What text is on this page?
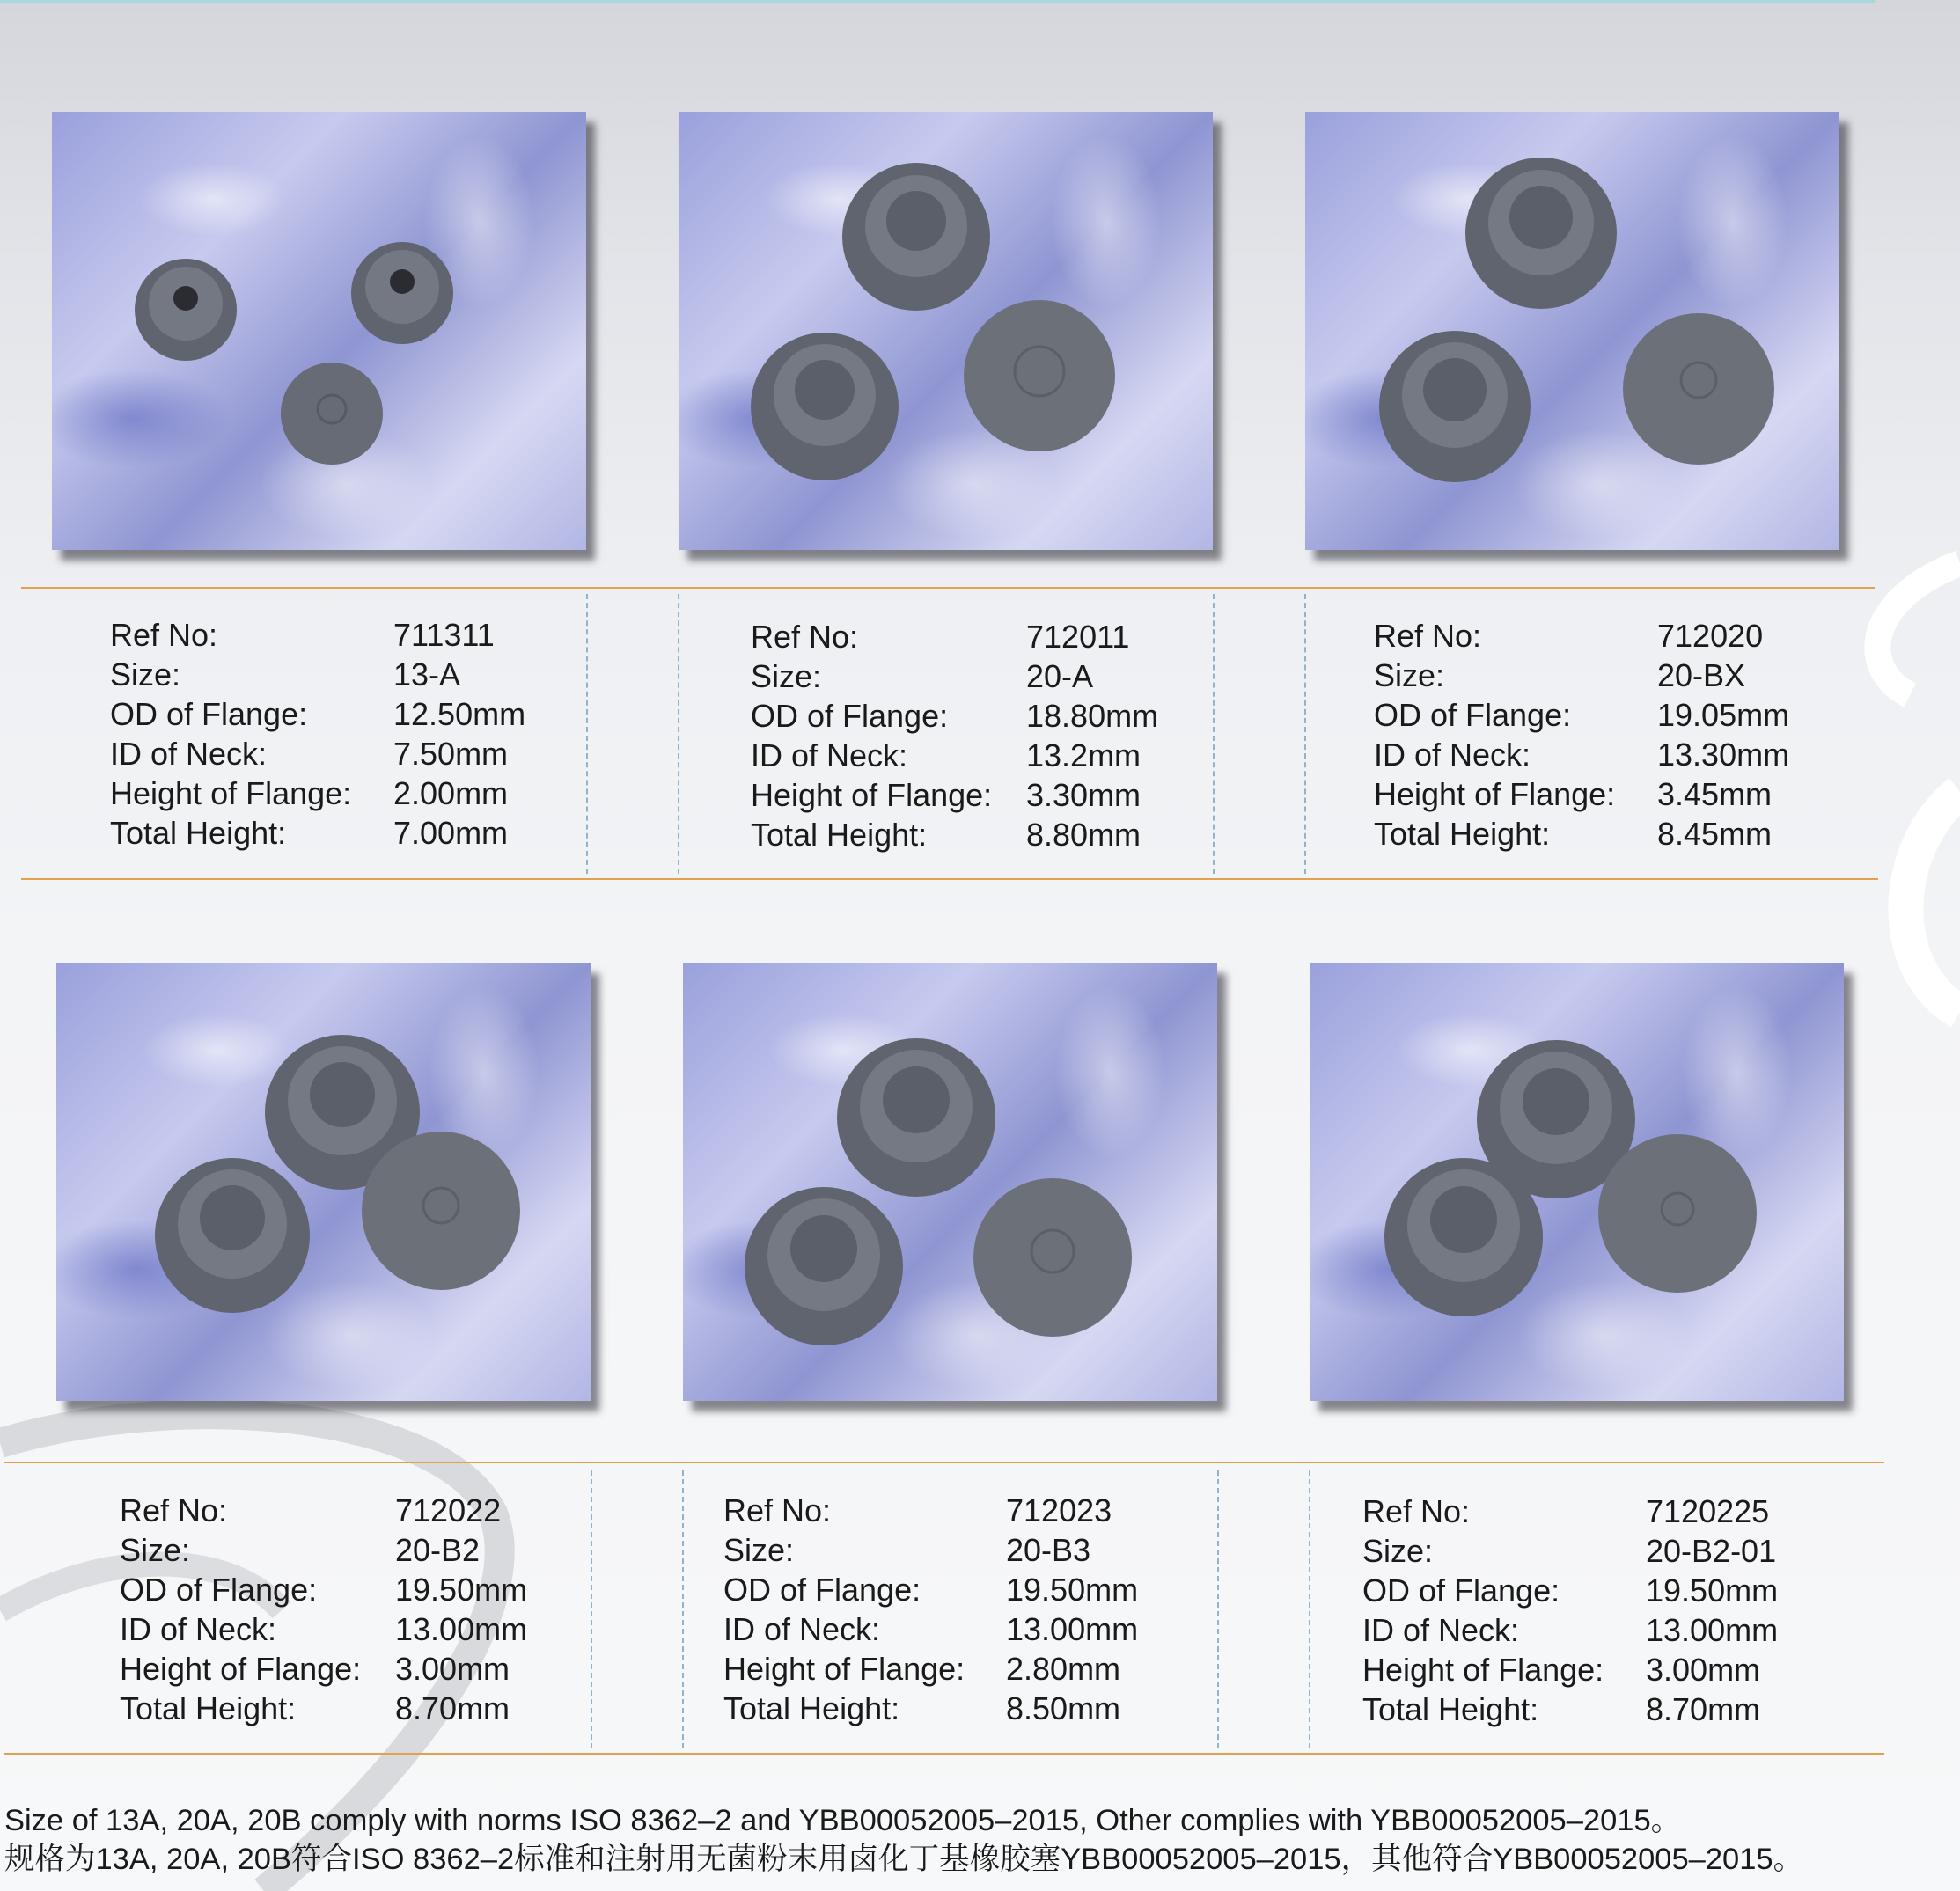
Ref No:	711311
Size:	13-A
OD of Flange:	12.50mm
ID of Neck:	7.50mm
Height of Flange:	2.00mm
Total Height:	7.00mm
Ref No:	712011
Size:	20-A
OD of Flange:	18.80mm
ID of Neck:	13.2mm
Height of Flange:	3.30mm
Total Height:	8.80mm
Ref No:	712020
Size:	20-BX
OD of Flange:	19.05mm
ID of Neck:	13.30mm
Height of Flange:	3.45mm
Total Height:	8.45mm
Ref No:	712022
Size:	20-B2
OD of Flange:	19.50mm
ID of Neck:	13.00mm
Height of Flange:	3.00mm
Total Height:	8.70mm
Ref No:	712023
Size:	20-B3
OD of Flange:	19.50mm
ID of Neck:	13.00mm
Height of Flange:	2.80mm
Total Height:	8.50mm
Ref No:	7120225
Size:	20-B2-01
OD of Flange:	19.50mm
ID of Neck:	13.00mm
Height of Flange:	3.00mm
Total Height:	8.70mm
Size of 13A, 20A, 20B comply with norms ISO 8362–2 and YBB00052005–2015, Other complies with YBB00052005–2015。
规格为13A, 20A, 20B符合ISO 8362–2标准和注射用无菌粉末用卤化丁基橡胶塞YBB00052005–2015，其他符合YBB00052005–2015。
